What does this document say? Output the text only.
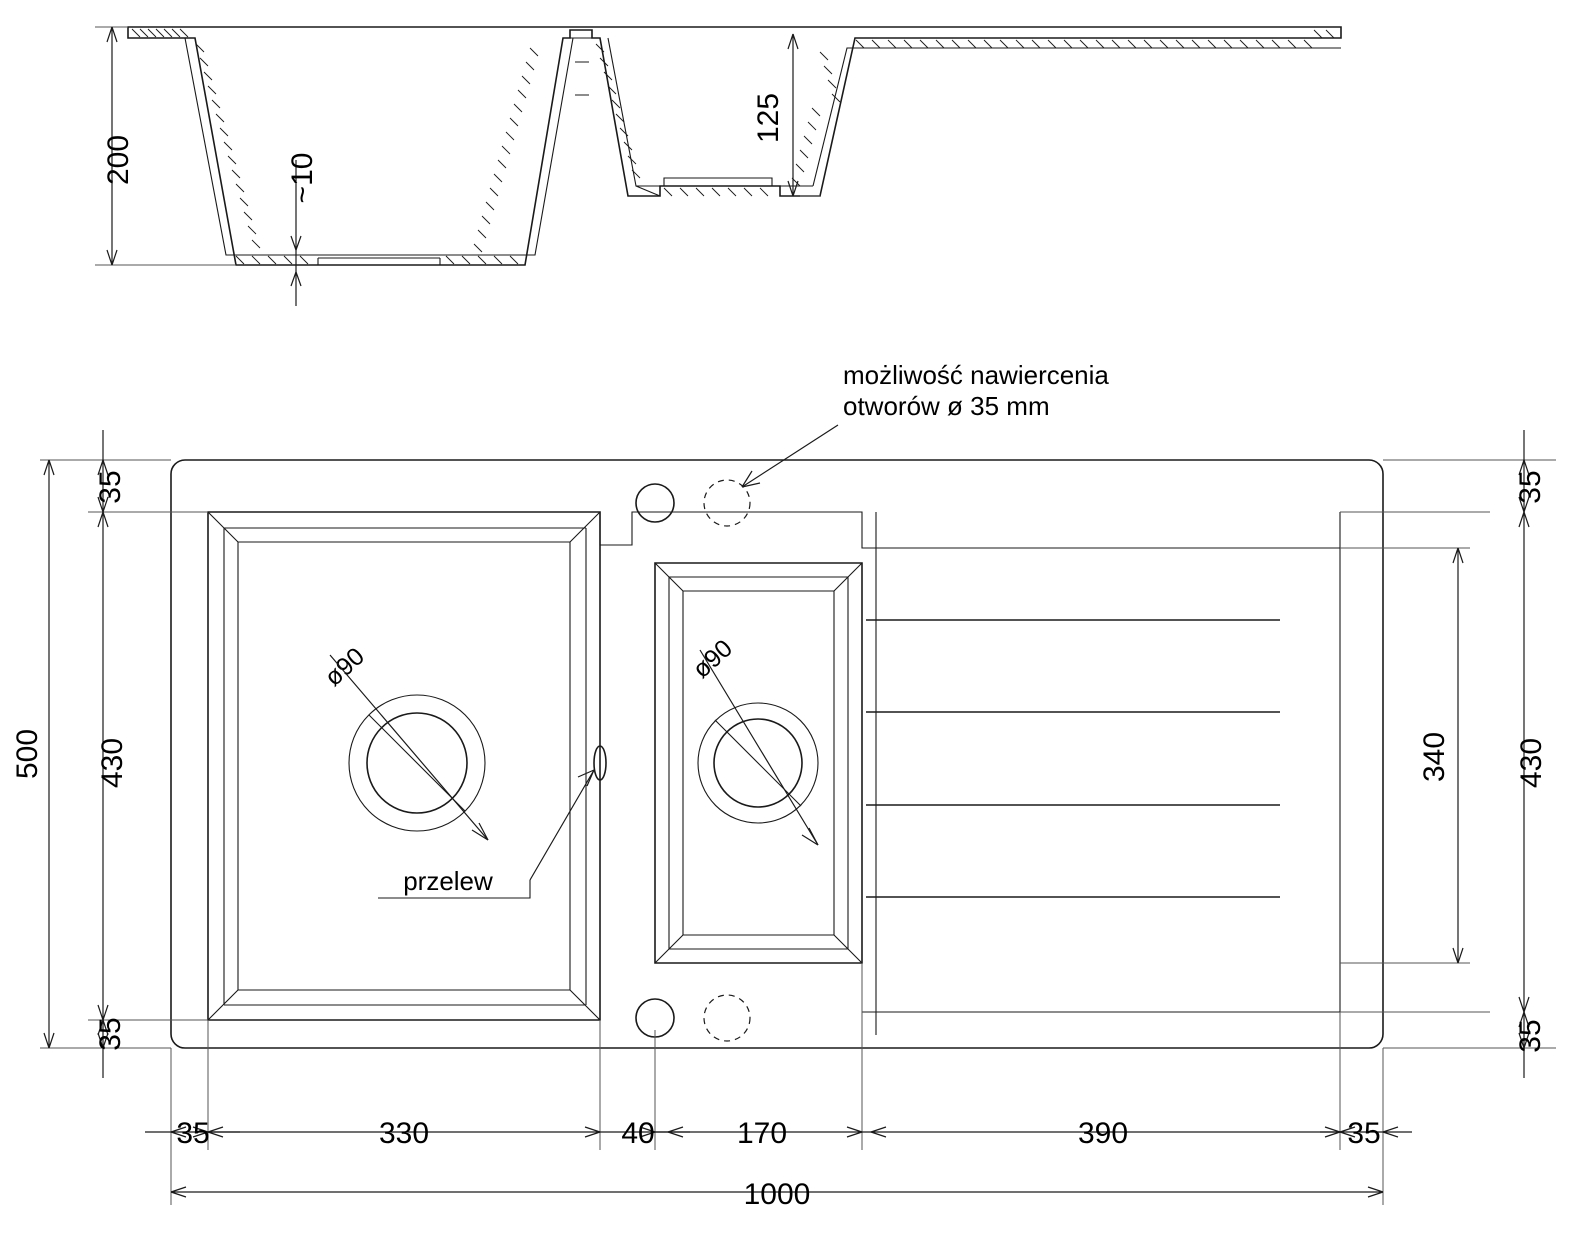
200	~10
125
ø90
przelew
ø90
możliwość nawiercenia
otworów ø 35 mm
35
430
35
500
35
340 430
35
35	330	40	170	390	35
1000
